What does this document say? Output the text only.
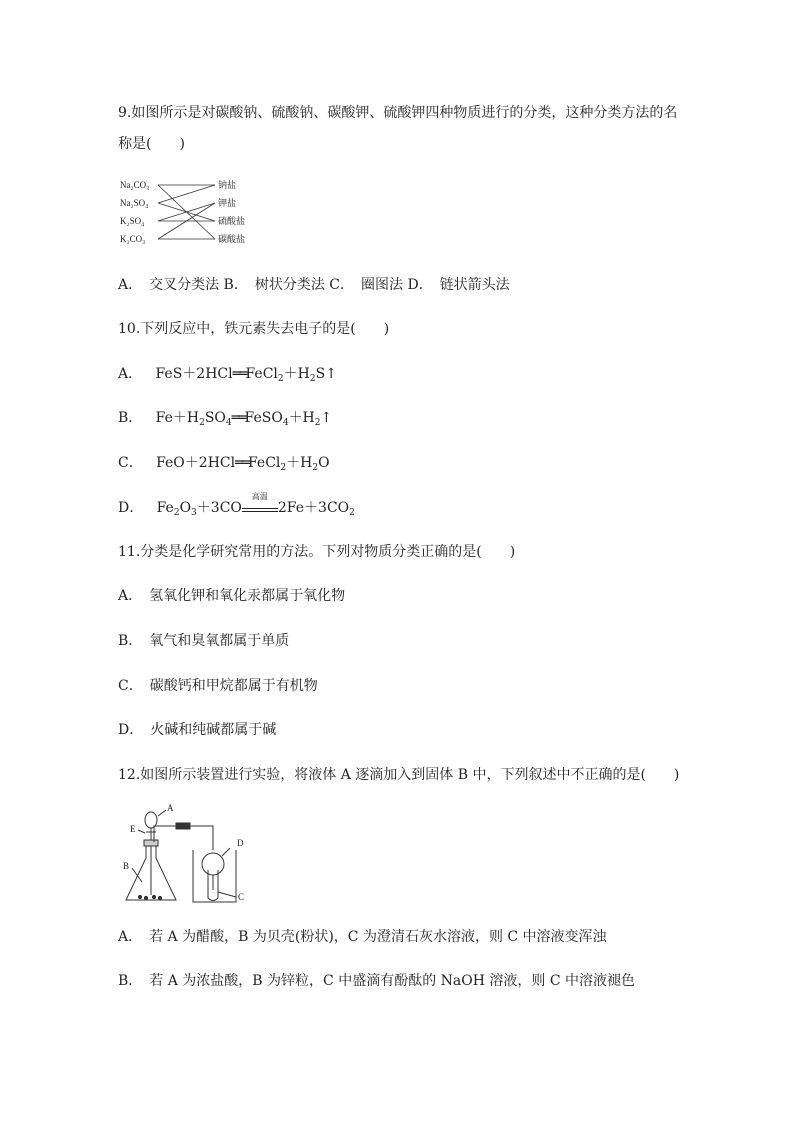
9.如图所示是对碳酸钠、硫酸钠、碳酸钾、硫酸钾四种物质进行的分类，这种分类方法的名
称是(　　)
Na₂CO₃
Na₂SO₄
K₂SO₄
K₂CO₃
钠盐
钾盐
硫酸盐
碳酸盐
A．　交叉分类法 B．　树状分类法 C．　圈图法 D．　链状箭头法
10.下列反应中，铁元素失去电子的是(　　)
A． $FeS+2HCl══FeCl_2+H_2S↑$
B． $Fe+H_2SO_4══FeSO_4+H_2↑$
C． $FeO+2HCl══FeCl_2+H_2O$
D． $Fe_2O_3+3CO$
高温
$2Fe+3CO_2$
11.分类是化学研究常用的方法。下列对物质分类正确的是(　　)
A．　氢氧化钾和氧化汞都属于氧化物
B．　氧气和臭氧都属于单质
C．　碳酸钙和甲烷都属于有机物
D．　火碱和纯碱都属于碱
12.如图所示装置进行实验，将液体 A 逐滴加入到固体 B 中，下列叙述中不正确的是(　　)
A
E
B
D
C
A．　若 A 为醋酸，B 为贝壳(粉状)，C 为澄清石灰水溶液，则 C 中溶液变浑浊
B．　若 A 为浓盐酸，B 为锌粒，C 中盛滴有酚酞的 NaOH 溶液，则 C 中溶液褪色
